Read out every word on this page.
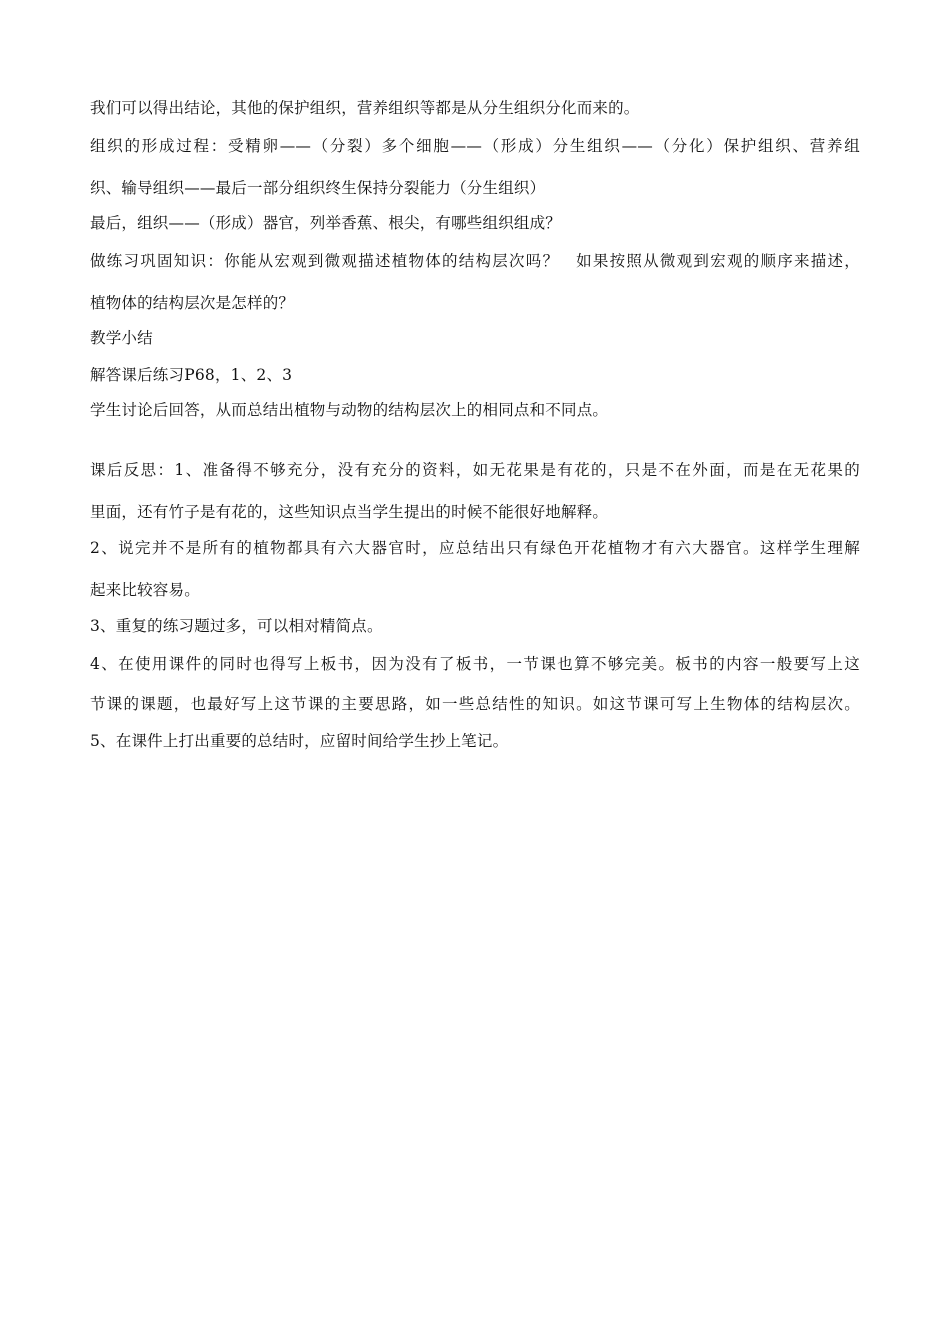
我们可以得出结论，其他的保护组织，营养组织等都是从分生组织分化而来的。
组织的形成过程：受精卵——（分裂）多个细胞——（形成）分生组织——（分化）保护组织、营养组
织、输导组织——最后一部分组织终生保持分裂能力（分生组织）
最后，组织——（形成）器官，列举香蕉、根尖，有哪些组织组成？
做练习巩固知识：你能从宏观到微观描述植物体的结构层次吗？　如果按照从微观到宏观的顺序来描述，
植物体的结构层次是怎样的？
教学小结
解答课后练习P68，1、2、3
学生讨论后回答，从而总结出植物与动物的结构层次上的相同点和不同点。
课后反思：1、准备得不够充分，没有充分的资料，如无花果是有花的，只是不在外面，而是在无花果的
里面，还有竹子是有花的，这些知识点当学生提出的时候不能很好地解释。
2、说完并不是所有的植物都具有六大器官时，应总结出只有绿色开花植物才有六大器官。这样学生理解
起来比较容易。
3、重复的练习题过多，可以相对精简点。
4、在使用课件的同时也得写上板书，因为没有了板书，一节课也算不够完美。板书的内容一般要写上这
节课的课题，也最好写上这节课的主要思路，如一些总结性的知识。如这节课可写上生物体的结构层次。
5、在课件上打出重要的总结时，应留时间给学生抄上笔记。
